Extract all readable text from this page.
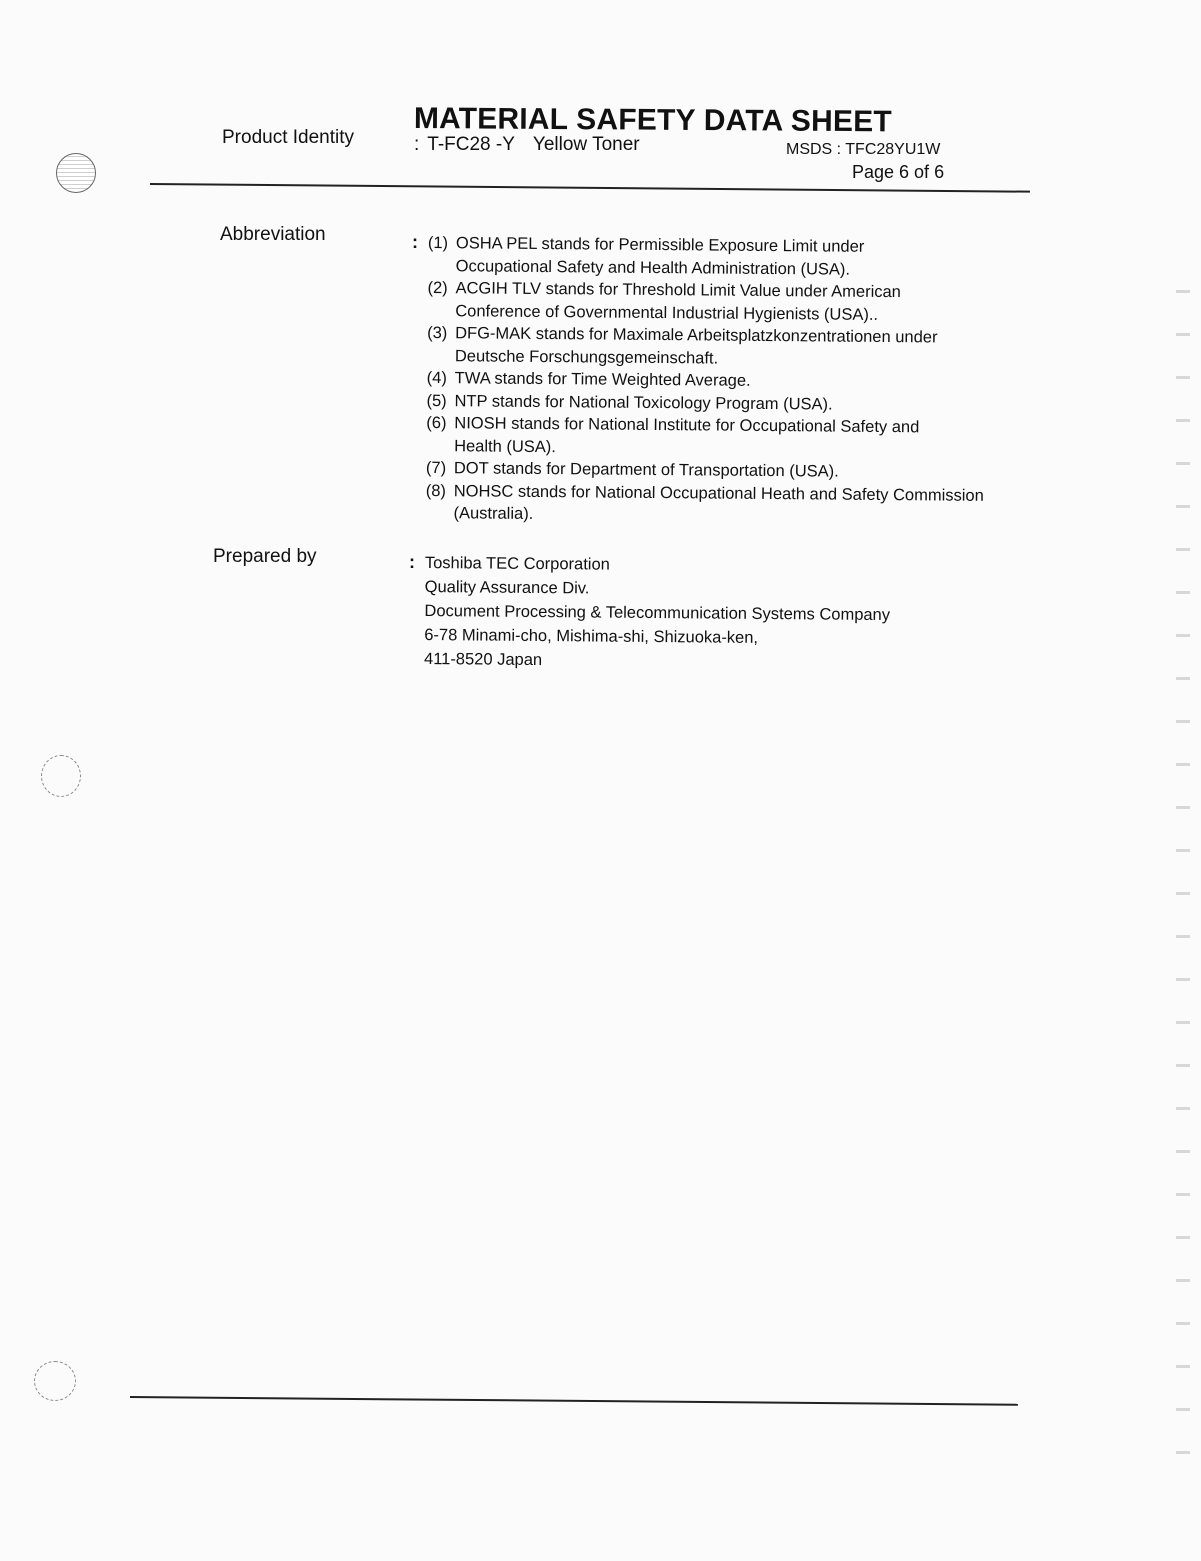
MATERIAL SAFETY DATA SHEET
Product Identity	: T-FC28 -Y Yellow Toner	MSDS : TFC28YU1W
Page 6 of 6
Abbreviation	: (1) OSHA PEL stands for Permissible Exposure Limit under
Occupational Safety and Health Administration (USA).
(2) ACGIH TLV stands for Threshold Limit Value under American
Conference of Governmental Industrial Hygienists (USA)..
(3) DFG-MAK stands for Maximale Arbeitsplatzkonzentrationen under
Deutsche Forschungsgemeinschaft.
(4) TWA stands for Time Weighted Average.
(5) NTP stands for National Toxicology Program (USA).
(6) NIOSH stands for National Institute for Occupational Safety and
Health (USA).
(7) DOT stands for Department of Transportation (USA).
(8) NOHSC stands for National Occupational Heath and Safety Commission
(Australia).
Prepared by	: Toshiba TEC Corporation
Quality Assurance Div.
Document Processing & Telecommunication Systems Company
6-78 Minami-cho, Mishima-shi, Shizuoka-ken,
411-8520 Japan
